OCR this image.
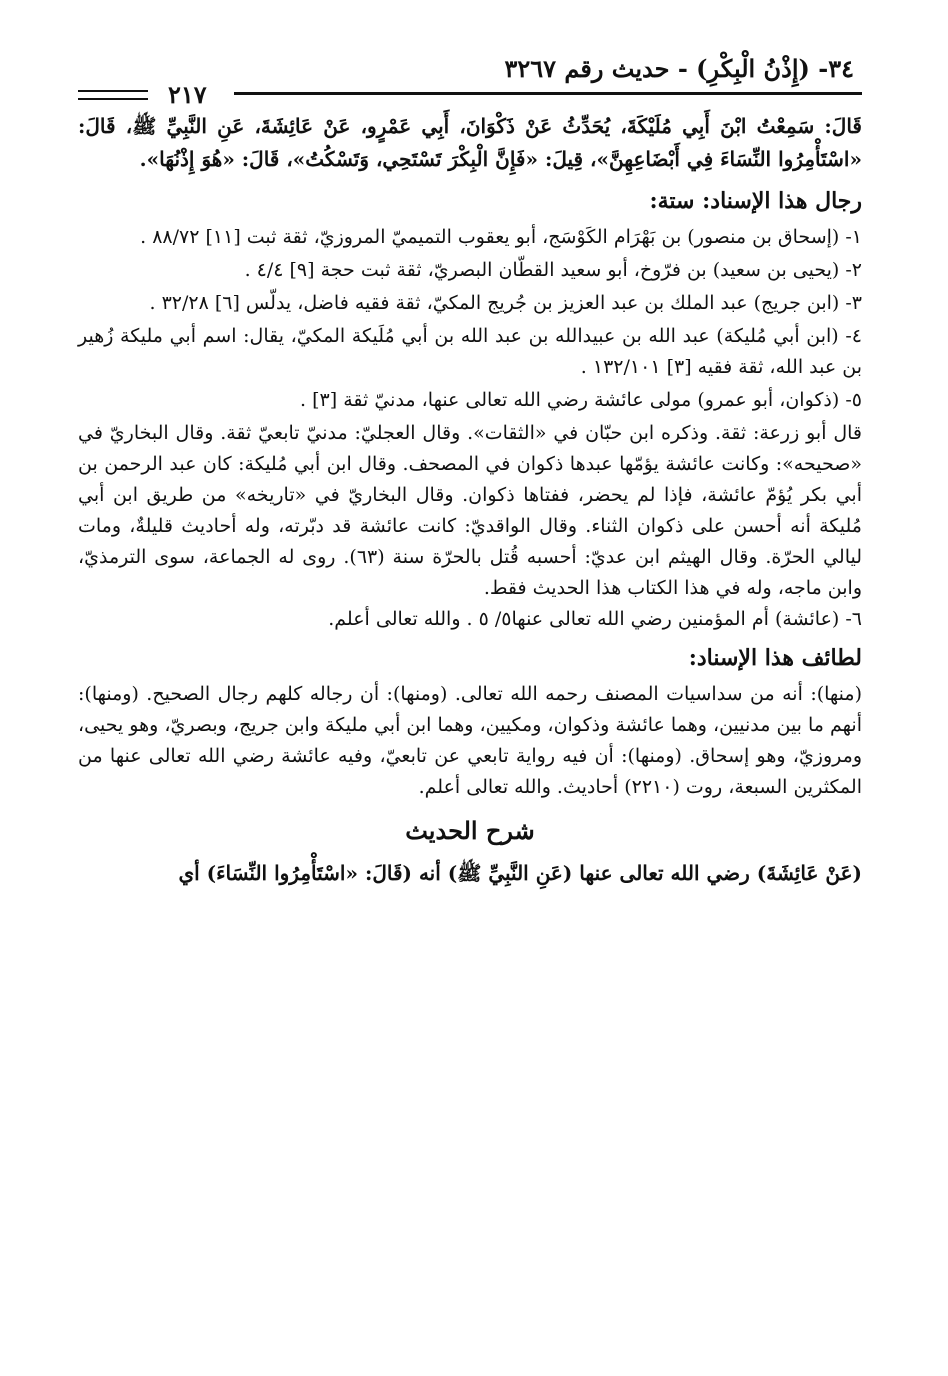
٣٤- (إِذْنُ الْبِكْرِ) - حديث رقم ٣٢٦٧
٢١٧

قَالَ: سَمِعْتُ ابْنَ أَبِي مُلَيْكَةَ، يُحَدِّثُ عَنْ ذَكْوَانَ، أَبِي عَمْرٍو، عَنْ عَائِشَةَ، عَنِ النَّبِيِّ ﷺ، قَالَ: «اسْتَأْمِرُوا النِّسَاءَ فِي أَبْضَاعِهِنَّ»، قِيلَ: «فَإِنَّ الْبِكْرَ تَسْتَحِي، وَتَسْكُتُ»، قَالَ: «هُوَ إِذْنُهَا».

رجال هذا الإسناد: ستة:

١- (إسحاق بن منصور) بن بَهْرَام الكَوْسَج، أبو يعقوب التميميّ المروزيّ، ثقة ثبت [١١] ٨٨/٧٢ .

٢- (يحيى بن سعيد) بن فرّوخ، أبو سعيد القطّان البصريّ، ثقة ثبت حجة [٩] ٤/٤ .

٣- (ابن جريج) عبد الملك بن عبد العزيز بن جُريج المكيّ، ثقة فقيه فاضل، يدلّس [٦] ٣٢/٢٨ .

٤- (ابن أبي مُليكة) عبد الله بن عبيدالله بن عبد الله بن أبي مُلَيكة المكيّ، يقال: اسم أبي مليكة زُهير بن عبد الله، ثقة فقيه [٣] ١٣٢/١٠١ .

٥- (ذكوان، أبو عمرو) مولى عائشة رضي الله تعالى عنها، مدنيّ ثقة [٣] .

قال أبو زرعة: ثقة. وذكره ابن حبّان في «الثقات». وقال العجليّ: مدنيّ تابعيّ ثقة. وقال البخاريّ في «صحيحه»: وكانت عائشة يؤمّها عبدها ذكوان في المصحف. وقال ابن أبي مُليكة: كان عبد الرحمن بن أبي بكر يُؤمّ عائشة، فإذا لم يحضر، ففتاها ذكوان. وقال البخاريّ في «تاريخه» من طريق ابن أبي مُليكة أنه أحسن على ذكوان الثناء. وقال الواقديّ: كانت عائشة قد دبّرته، وله أحاديث قليلةٌ، ومات ليالي الحرّة. وقال الهيثم ابن عديّ: أحسبه قُتل بالحرّة سنة (٦٣). روى له الجماعة، سوى الترمذيّ، وابن ماجه، وله في هذا الكتاب هذا الحديث فقط.

٦- (عائشة) أم المؤمنين رضي الله تعالى عنها٥/ ٥ . والله تعالى أعلم.

لطائف هذا الإسناد:

(منها): أنه من سداسيات المصنف رحمه الله تعالى. (ومنها): أن رجاله كلهم رجال الصحيح. (ومنها): أنهم ما بين مدنيين، وهما عائشة وذكوان، ومكيين، وهما ابن أبي مليكة وابن جريج، وبصريّ، وهو يحيى، ومروزيّ، وهو إسحاق. (ومنها): أن فيه رواية تابعي عن تابعيّ، وفيه عائشة رضي الله تعالى عنها من المكثرين السبعة، روت (٢٢١٠) أحاديث. والله تعالى أعلم.

شرح الحديث

(عَنْ عَائِشَةَ) رضي الله تعالى عنها (عَنِ النَّبِيِّ ﷺ) أنه (قَالَ: «اسْتَأْمِرُوا النِّسَاءَ) أي
